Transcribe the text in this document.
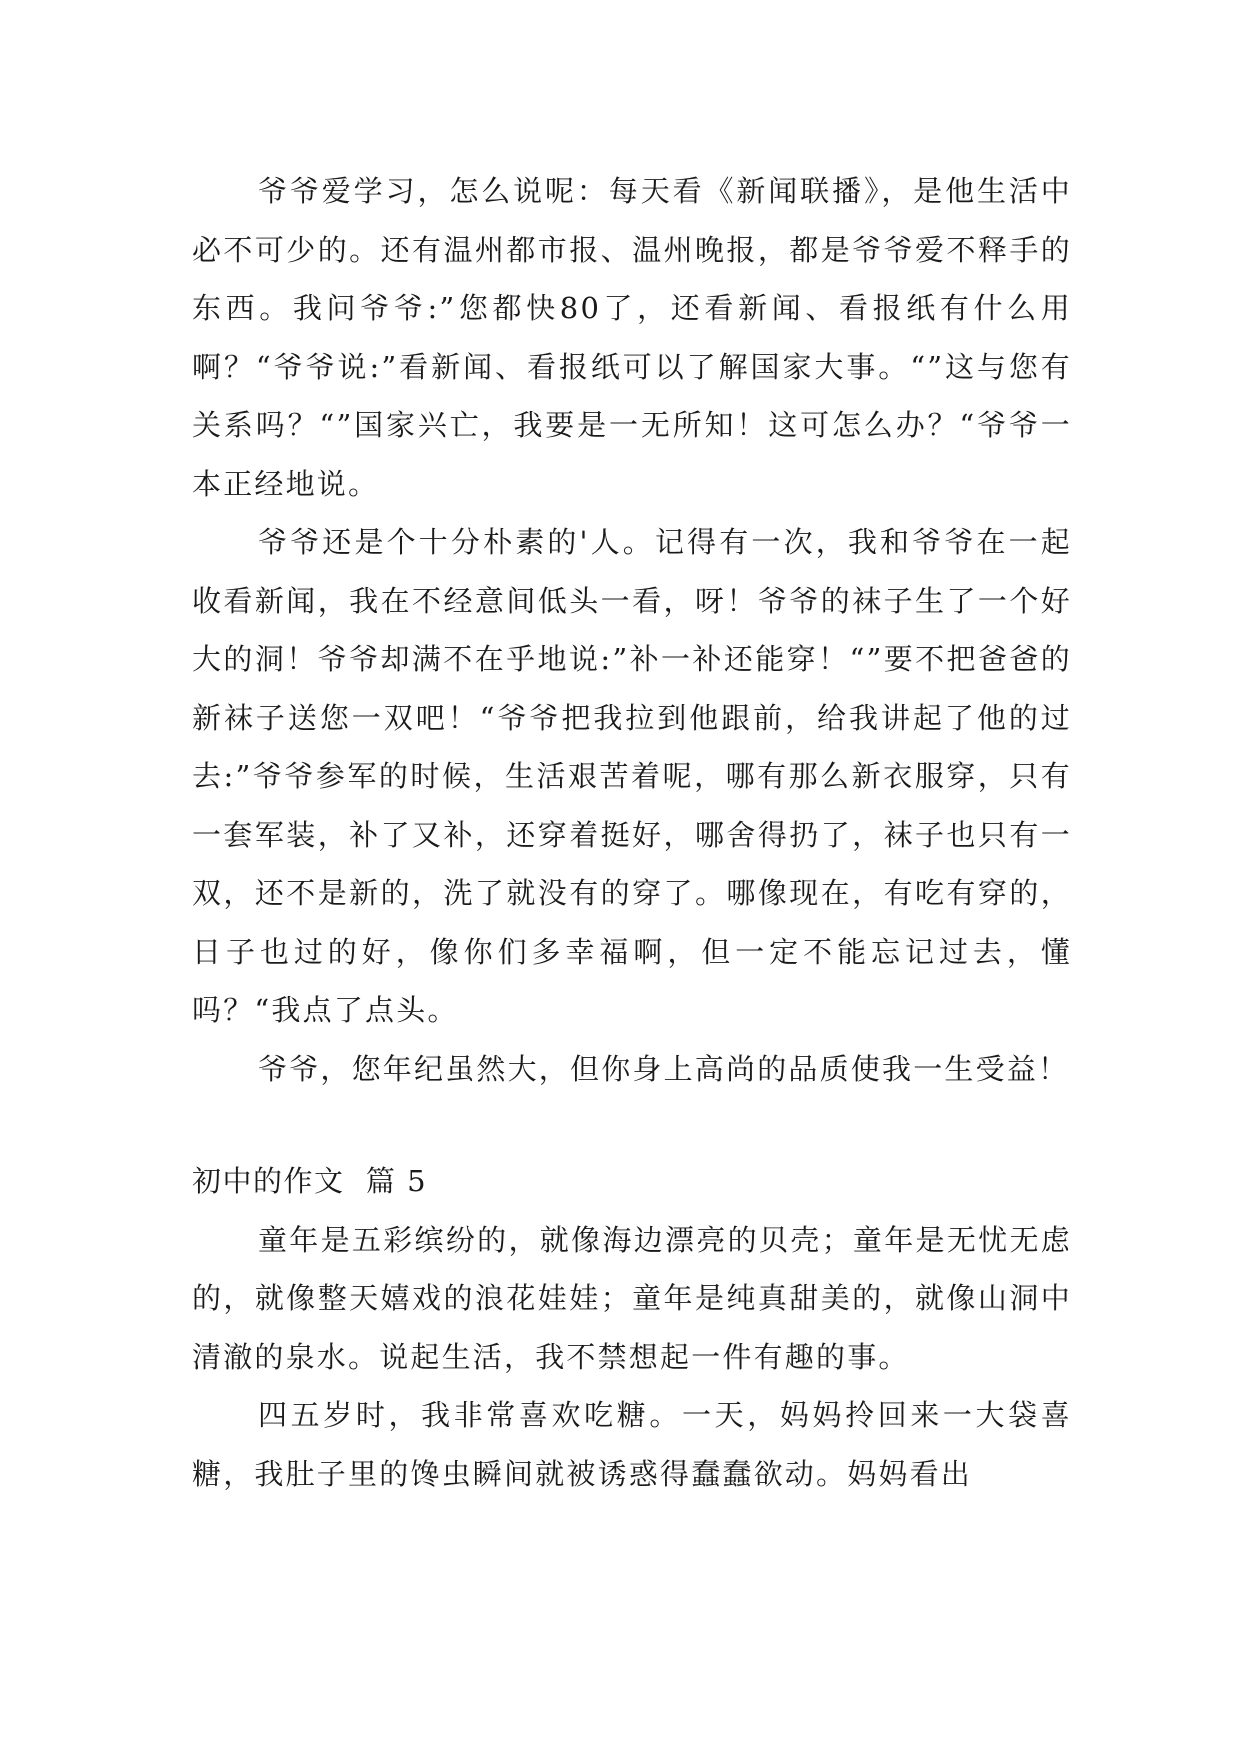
爷爷爱学习，怎么说呢：每天看《新闻联播》，是他生活中必不可少的。还有温州都市报、温州晚报，都是爷爷爱不释手的东西。我问爷爷:”您都快80了，还看新闻、看报纸有什么用啊？“爷爷说:”看新闻、看报纸可以了解国家大事。“”这与您有关系吗？“”国家兴亡，我要是一无所知！这可怎么办？“爷爷一本正经地说。

爷爷还是个十分朴素的'人。记得有一次，我和爷爷在一起收看新闻，我在不经意间低头一看，呀！爷爷的袜子生了一个好大的洞！爷爷却满不在乎地说:”补一补还能穿！“”要不把爸爸的新袜子送您一双吧！“爷爷把我拉到他跟前，给我讲起了他的过去:”爷爷参军的时候，生活艰苦着呢，哪有那么新衣服穿，只有一套军装，补了又补，还穿着挺好，哪舍得扔了，袜子也只有一双，还不是新的，洗了就没有的穿了。哪像现在，有吃有穿的，日子也过的好，像你们多幸福啊，但一定不能忘记过去，懂吗？“我点了点头。

爷爷，您年纪虽然大，但你身上高尚的品质使我一生受益！

初中的作文  篇 5

童年是五彩缤纷的，就像海边漂亮的贝壳；童年是无忧无虑的，就像整天嬉戏的浪花娃娃；童年是纯真甜美的，就像山洞中清澈的泉水。说起生活，我不禁想起一件有趣的事。

四五岁时，我非常喜欢吃糖。一天，妈妈拎回来一大袋喜糖，我肚子里的馋虫瞬间就被诱惑得蠢蠢欲动。妈妈看出
